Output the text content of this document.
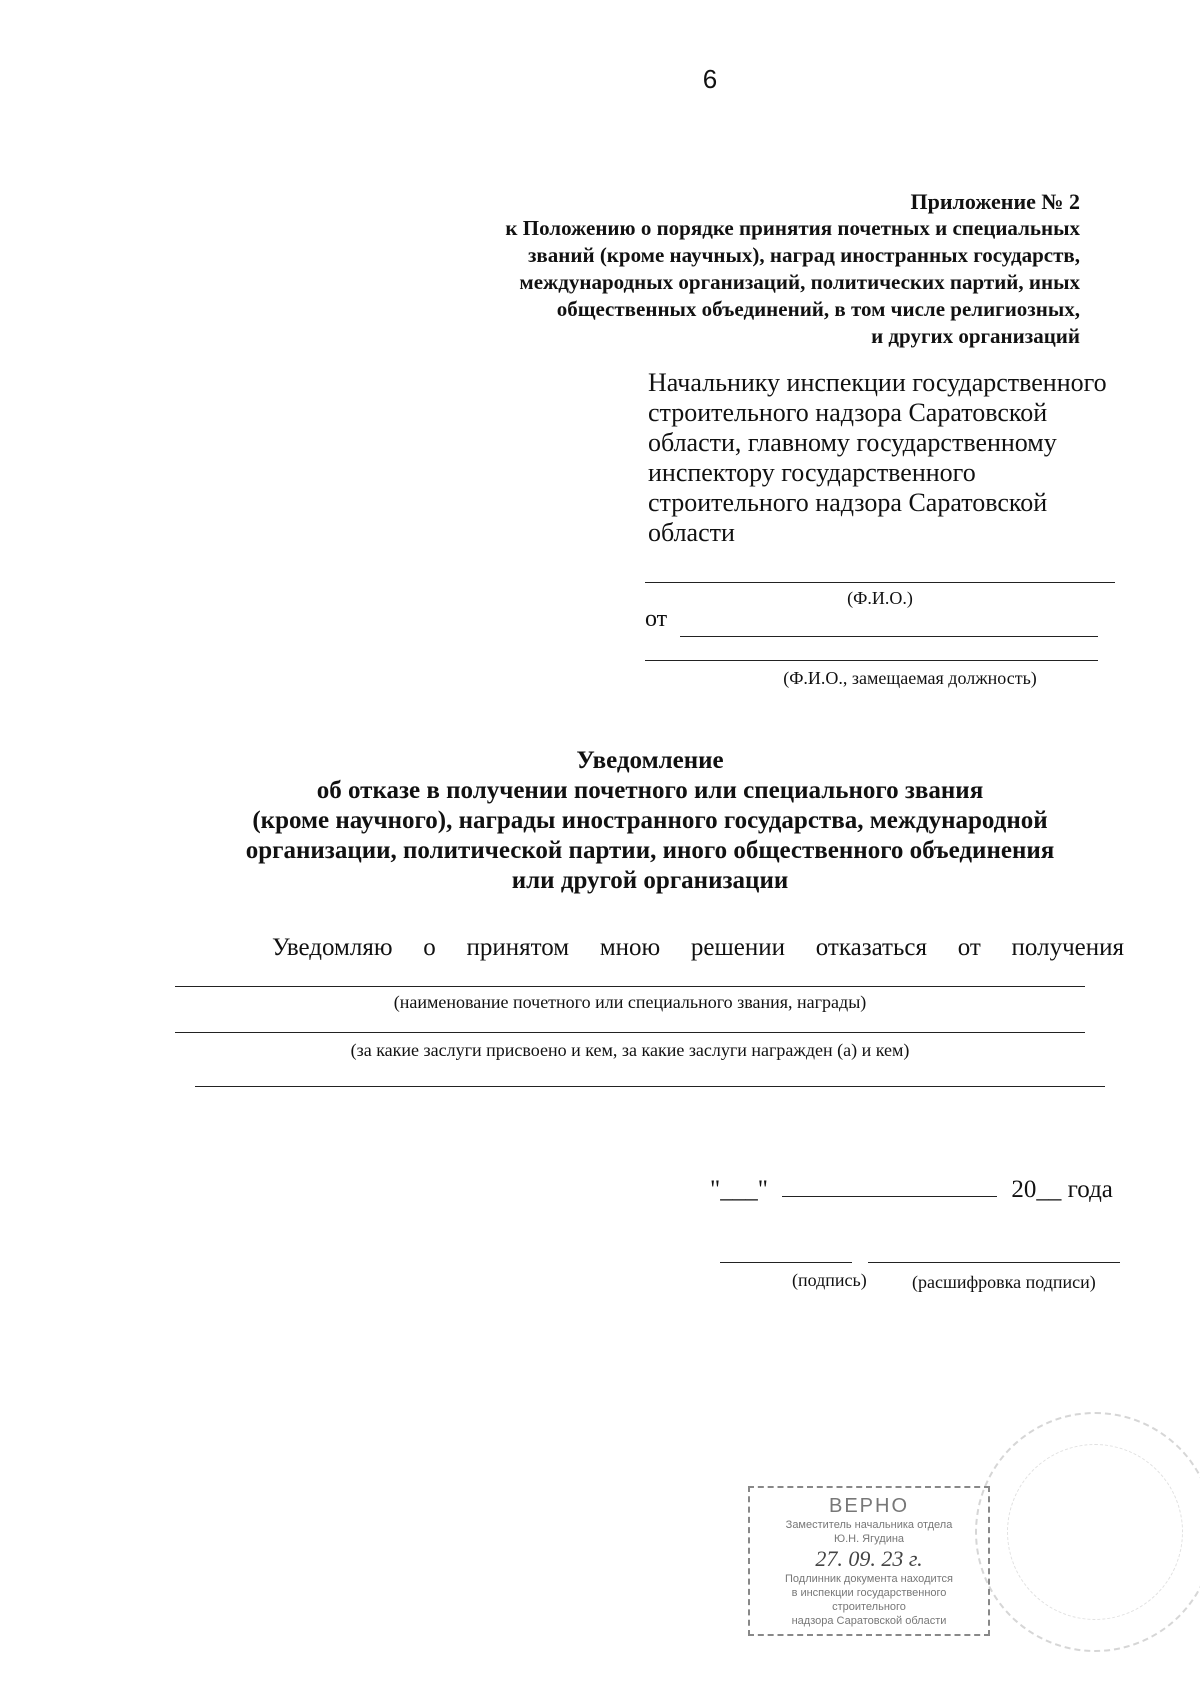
6
Приложение № 2
к Положению о порядке принятия почетных и специальных
званий (кроме научных), наград иностранных государств,
международных организаций, политических партий, иных
общественных объединений, в том числе религиозных,
и других организаций
Начальнику инспекции государственного
строительного надзора Саратовской
области, главному государственному
инспектору государственного
строительного надзора Саратовской
области
(Ф.И.О.)
от
(Ф.И.О., замещаемая должность)
Уведомление
об отказе в получении почетного или специального звания
(кроме научного), награды иностранного государства, международной
организации, политической партии, иного общественного объединения
или другой организации
Уведомляю о принятом мною решении отказаться от получения
(наименование почетного или специального звания, награды)
(за какие заслуги присвоено и кем, за какие заслуги награжден (а) и кем)
"___"	20__ года
(подпись)	(расшифровка подписи)
ВЕРНО
Заместитель начальника отдела
Ю.Н. Ягудина
27. 09. 23 г.
Подлинник документа находится
в инспекции государственного строительного
надзора Саратовской области
